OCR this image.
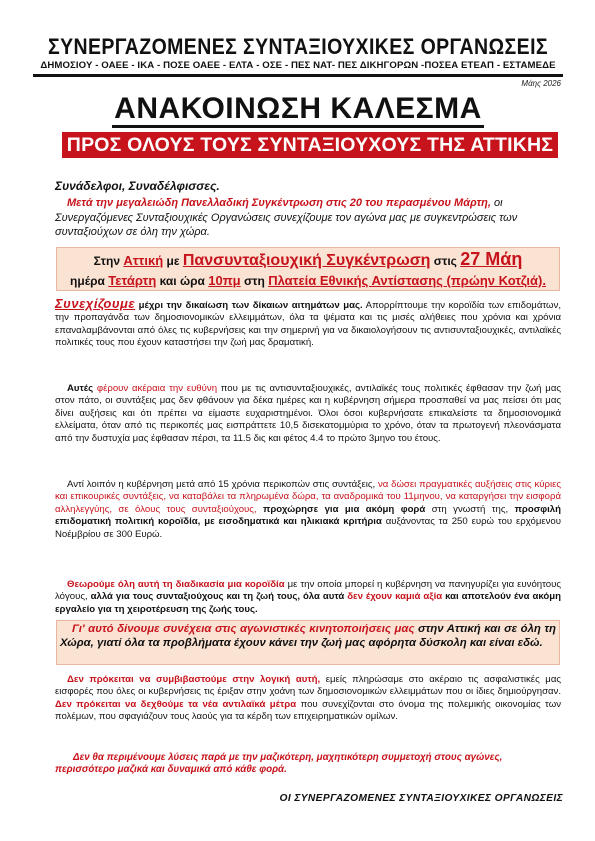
ΣΥΝΕΡΓΑΖΟΜΕΝΕΣ ΣΥΝΤΑΞΙΟΥΧΙΚΕΣ ΟΡΓΑΝΩΣΕΙΣ
ΔΗΜΟΣΙΟΥ - ΟΑΕΕ - ΙΚΑ - ΠΟΣΕ ΟΑΕΕ - ΕΛΤΑ - ΟΣΕ - ΠΕΣ ΝΑΤ- ΠΕΣ ΔΙΚΗΓΟΡΩΝ -ΠΟΣΕΑ ΕΤΕΑΠ - ΕΣΤΑΜΕΔΕ
Μάης 2026
ΑΝΑΚΟΙΝΩΣΗ ΚΑΛΕΣΜΑ
ΠΡΟΣ ΟΛΟΥΣ ΤΟΥΣ ΣΥΝΤΑΞΙΟΥΧΟΥΣ ΤΗΣ ΑΤΤΙΚΗΣ
Συνάδελφοι, Συναδέλφισσες.
Μετά την μεγαλειώδη Πανελλαδική Συγκέντρωση στις 20 του περασμένου Μάρτη, οι Συνεργαζόμενες Συνταξιουχικές Οργανώσεις συνεχίζουμε τον αγώνα μας με συγκεντρώσεις των συνταξιούχων σε όλη την χώρα.
Στην Αττική με Πανσυνταξιουχική Συγκέντρωση στις 27 Μάη
ημέρα Τετάρτη και ώρα 10πμ στη Πλατεία Εθνικής Αντίστασης (πρώην Κοτζιά).
Συνεχίζουμε μέχρι την δικαίωση των δίκαιων αιτημάτων μας. Απορρίπτουμε την κοροϊδία των επιδομάτων, την προπαγάνδα των δημοσιονομικών ελλειμμάτων, όλα τα ψέματα και τις μισές αλήθειες που χρόνια και χρόνια επαναλαμβάνονται από όλες τις κυβερνήσεις και την σημερινή για να δικαιολογήσουν τις αντισυνταξιουχικές, αντιλαϊκές πολιτικές τους που έχουν καταστήσει την ζωή μας δραματική.
Αυτές φέρουν ακέραια την ευθύνη που με τις αντισυνταξιουχικές, αντιλαϊκές τους πολιτικές έφθασαν την ζωή μας στον πάτο, οι συντάξεις μας δεν φθάνουν για δέκα ημέρες και η κυβέρνηση σήμερα προσπαθεί να μας πείσει ότι μας δίνει αυξήσεις και ότι πρέπει να είμαστε ευχαριστημένοι. Όλοι όσοι κυβερνήσατε επικαλείστε τα δημοσιονομικά ελλείματα, όταν από τις περικοπές μας εισπράττετε 10,5 δισεκατομμύρια το χρόνο, όταν τα πρωτογενή πλεονάσματα από την δυστυχία μας έφθασαν πέρσι, τα 11.5 δις και φέτος 4.4 το πρώτο 3μηνο του έτους.
Αντί λοιπόν η κυβέρνηση μετά από 15 χρόνια περικοπών στις συντάξεις, να δώσει πραγματικές αυξήσεις στις κύριες και επικουρικές συντάξεις, να καταβάλει τα πληρωμένα δώρα, τα αναδρομικά του 11μηνου, να καταργήσει την εισφορά αλληλεγγύης, σε όλους τους συνταξιούχους, προχώρησε για μια ακόμη φορά στη γνωστή της, προσφιλή επιδοματική πολιτική κοροϊδία, με εισοδηματικά και ηλικιακά κριτήρια αυξάνοντας τα 250 ευρώ του ερχόμενου Νοέμβρίου σε 300 Ευρώ.
Θεωρούμε όλη αυτή τη διαδικασία μια κοροϊδία με την οποία μπορεί η κυβέρνηση να πανηγυρίζει για ευνόητους λόγους, αλλά για τους συνταξιούχους και τη ζωή τους, όλα αυτά δεν έχουν καμιά αξία και αποτελούν ένα ακόμη εργαλείο για τη χειροτέρευση της ζωής τους.
Γι' αυτό δίνουμε συνέχεια στις αγωνιστικές κινητοποιήσεις μας στην Αττική και σε όλη τη Χώρα, γιατί όλα τα προβλήματα έχουν κάνει την ζωή μας αφόρητα δύσκολη και είναι εδώ.
Δεν πρόκειται να συμβιβαστούμε στην λογική αυτή, εμείς πληρώσαμε στο ακέραιο τις ασφαλιστικές μας εισφορές που όλες οι κυβερνήσεις τις έριξαν στην χοάνη των δημοσιονομικών ελλειμμάτων που οι ίδιες δημιούργησαν. Δεν πρόκειται να δεχθούμε τα νέα αντιλαϊκά μέτρα που συνεχίζονται στο όνομα της πολεμικής οικονομίας των πολέμων, που σφαγιάζουν τους λαούς για τα κέρδη των επιχειρηματικών ομίλων.
Δεν θα περιμένουμε λύσεις παρά με την μαζικότερη, μαχητικότερη συμμετοχή στους αγώνες, περισσότερο μαζικά και δυναμικά από κάθε φορά.
ΟΙ ΣΥΝΕΡΓΑΖΟΜΕΝΕΣ ΣΥΝΤΑΞΙΟΥΧΙΚΕΣ ΟΡΓΑΝΩΣΕΙΣ
